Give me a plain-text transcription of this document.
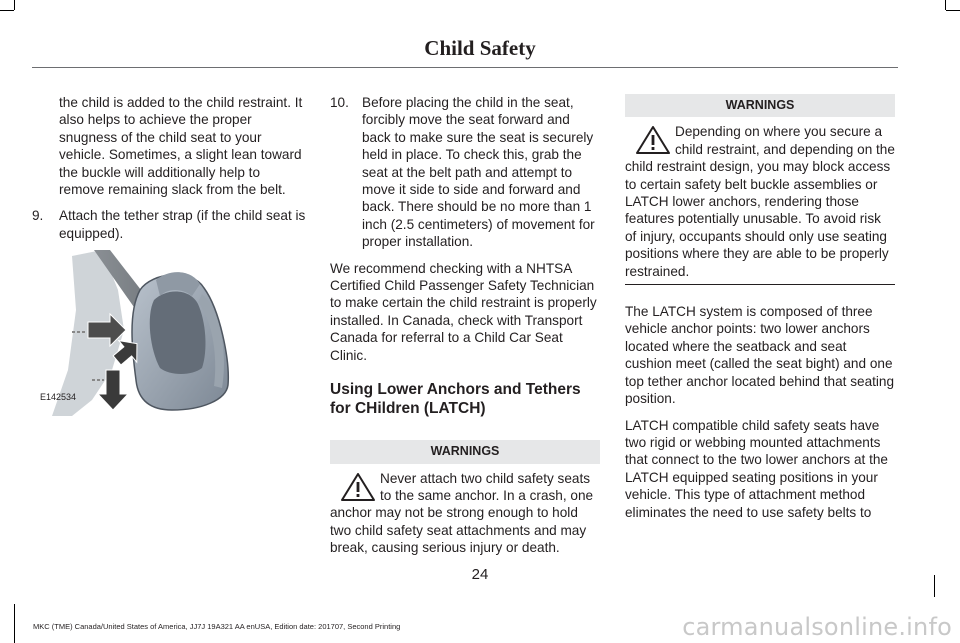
Child Safety

the child is added to the child restraint. It also helps to achieve the proper snugness of the child seat to your vehicle. Sometimes, a slight lean toward the buckle will additionally help to remove remaining slack from the belt.

9.	Attach the tether strap (if the child seat is equipped).
E142534
10. Before placing the child in the seat, forcibly move the seat forward and back to make sure the seat is securely held in place. To check this, grab the seat at the belt path and attempt to move it side to side and forward and back. There should be no more than 1 inch (2.5 centimeters) of movement for proper installation.

We recommend checking with a NHTSA Certified Child Passenger Safety Technician to make certain the child restraint is properly installed. In Canada, check with Transport Canada for referral to a Child Car Seat Clinic.

Using Lower Anchors and Tethers for CHildren (LATCH)
WARNINGS
Never attach two child safety seats to the same anchor. In a crash, one anchor may not be strong enough to hold two child safety seat attachments and may break, causing serious injury or death.
WARNINGS
Depending on where you secure a child restraint, and depending on the child restraint design, you may block access to certain safety belt buckle assemblies or LATCH lower anchors, rendering those features potentially unusable. To avoid risk of injury, occupants should only use seating positions where they are able to be properly restrained.

The LATCH system is composed of three vehicle anchor points: two lower anchors located where the seatback and seat cushion meet (called the seat bight) and one top tether anchor located behind that seating position.

LATCH compatible child safety seats have two rigid or webbing mounted attachments that connect to the two lower anchors at the LATCH equipped seating positions in your vehicle. This type of attachment method eliminates the need to use safety belts to

24
MKC (TME) Canada/United States of America, JJ7J 19A321 AA enUSA, Edition date: 201707, Second Printing	carmanualsonline.info
